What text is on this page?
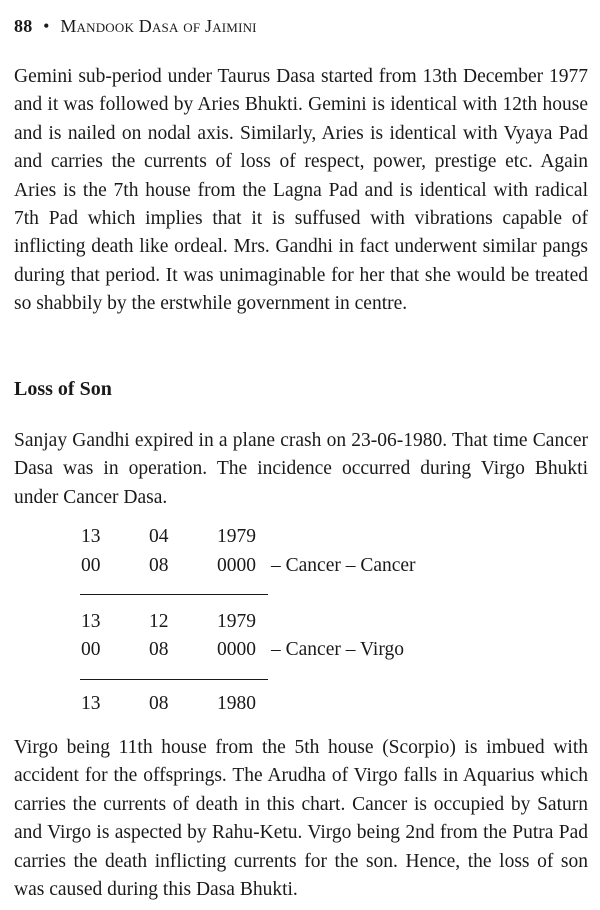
88 • Mandook Dasa of Jaimini
Gemini sub-period under Taurus Dasa started from 13th December 1977 and it was followed by Aries Bhukti. Gemini is identical with 12th house and is nailed on nodal axis. Similarly, Aries is identical with Vyaya Pad and carries the currents of loss of respect, power, prestige etc. Again Aries is the 7th house from the Lagna Pad and is identical with radical 7th Pad which implies that it is suffused with vibrations capable of inflicting death like ordeal. Mrs. Gandhi in fact underwent similar pangs during that period. It was unimaginable for her that she would be treated so shabbily by the erstwhile government in centre.
Loss of Son
Sanjay Gandhi expired in a plane crash on 23-06-1980. That time Cancer Dasa was in operation. The incidence occurred during Virgo Bhukti under Cancer Dasa.
13 04 1979
00 08 0000 – Cancer – Cancer
13 12 1979
00 08 0000 – Cancer – Virgo
13 08 1980
Virgo being 11th house from the 5th house (Scorpio) is imbued with accident for the offsprings. The Arudha of Virgo falls in Aquarius which carries the currents of death in this chart. Cancer is occupied by Saturn and Virgo is aspected by Rahu-Ketu. Virgo being 2nd from the Putra Pad carries the death inflicting currents for the son. Hence, the loss of son was caused during this Dasa Bhukti.
